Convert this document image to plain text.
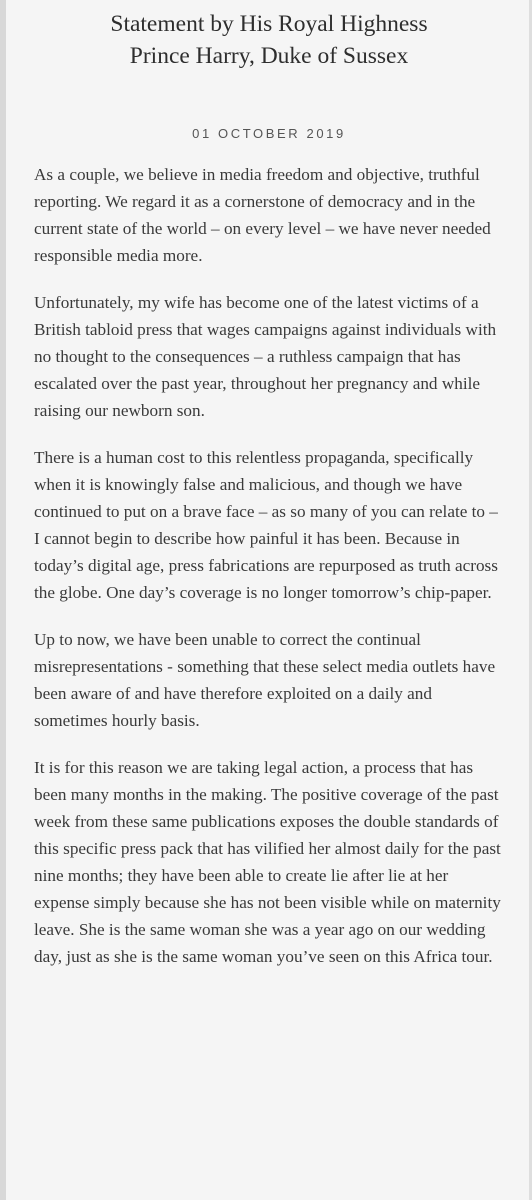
Statement by His Royal Highness
Prince Harry, Duke of Sussex
01 OCTOBER 2019

As a couple, we believe in media freedom and objective, truthful reporting. We regard it as a cornerstone of democracy and in the current state of the world – on every level – we have never needed responsible media more.

Unfortunately, my wife has become one of the latest victims of a British tabloid press that wages campaigns against individuals with no thought to the consequences – a ruthless campaign that has escalated over the past year, throughout her pregnancy and while raising our newborn son.

There is a human cost to this relentless propaganda, specifically when it is knowingly false and malicious, and though we have continued to put on a brave face – as so many of you can relate to – I cannot begin to describe how painful it has been. Because in today’s digital age, press fabrications are repurposed as truth across the globe. One day’s coverage is no longer tomorrow’s chip-paper.

Up to now, we have been unable to correct the continual misrepresentations - something that these select media outlets have been aware of and have therefore exploited on a daily and sometimes hourly basis.

It is for this reason we are taking legal action, a process that has been many months in the making. The positive coverage of the past week from these same publications exposes the double standards of this specific press pack that has vilified her almost daily for the past nine months; they have been able to create lie after lie at her expense simply because she has not been visible while on maternity leave. She is the same woman she was a year ago on our wedding day, just as she is the same woman you’ve seen on this Africa tour.
